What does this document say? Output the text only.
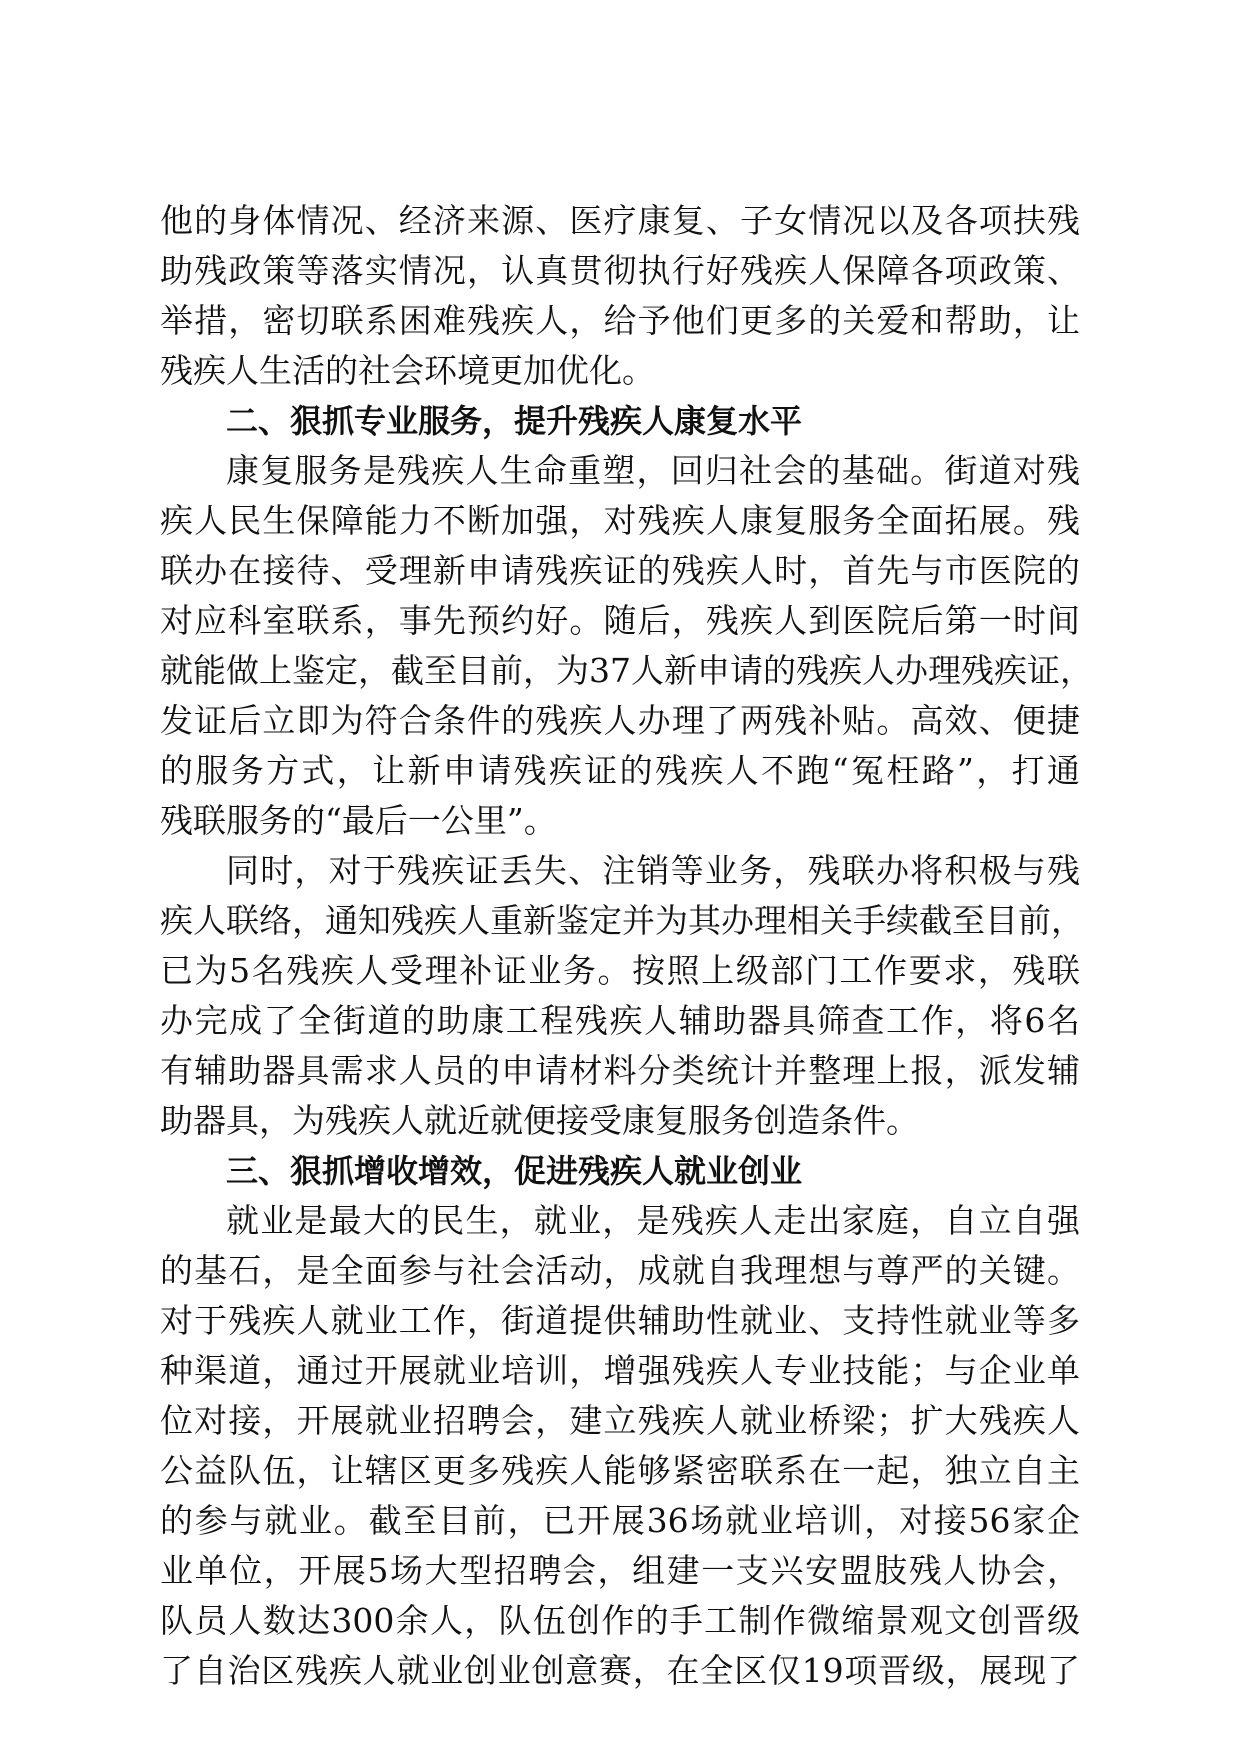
他的身体情况、经济来源、医疗康复、子女情况以及各项扶残
助残政策等落实情况，认真贯彻执行好残疾人保障各项政策、
举措，密切联系困难残疾人，给予他们更多的关爱和帮助，让
残疾人生活的社会环境更加优化。
二、狠抓专业服务，提升残疾人康复水平
康复服务是残疾人生命重塑，回归社会的基础。街道对残
疾人民生保障能力不断加强，对残疾人康复服务全面拓展。残
联办在接待、受理新申请残疾证的残疾人时，首先与市医院的
对应科室联系，事先预约好。随后，残疾人到医院后第一时间
就能做上鉴定，截至目前，为37人新申请的残疾人办理残疾证，
发证后立即为符合条件的残疾人办理了两残补贴。高效、便捷
的服务方式，让新申请残疾证的残疾人不跑“冤枉路”，打通
残联服务的“最后一公里”。
同时，对于残疾证丢失、注销等业务，残联办将积极与残
疾人联络，通知残疾人重新鉴定并为其办理相关手续截至目前，
已为5名残疾人受理补证业务。按照上级部门工作要求，残联
办完成了全街道的助康工程残疾人辅助器具筛查工作，将6名
有辅助器具需求人员的申请材料分类统计并整理上报，派发辅
助器具，为残疾人就近就便接受康复服务创造条件。
三、狠抓增收增效，促进残疾人就业创业
就业是最大的民生，就业，是残疾人走出家庭，自立自强
的基石，是全面参与社会活动，成就自我理想与尊严的关键。
对于残疾人就业工作，街道提供辅助性就业、支持性就业等多
种渠道，通过开展就业培训，增强残疾人专业技能；与企业单
位对接，开展就业招聘会，建立残疾人就业桥梁；扩大残疾人
公益队伍，让辖区更多残疾人能够紧密联系在一起，独立自主
的参与就业。截至目前，已开展36场就业培训，对接56家企
业单位，开展5场大型招聘会，组建一支兴安盟肢残人协会，
队员人数达300余人，队伍创作的手工制作微缩景观文创晋级
了自治区残疾人就业创业创意赛，在全区仅19项晋级，展现了
